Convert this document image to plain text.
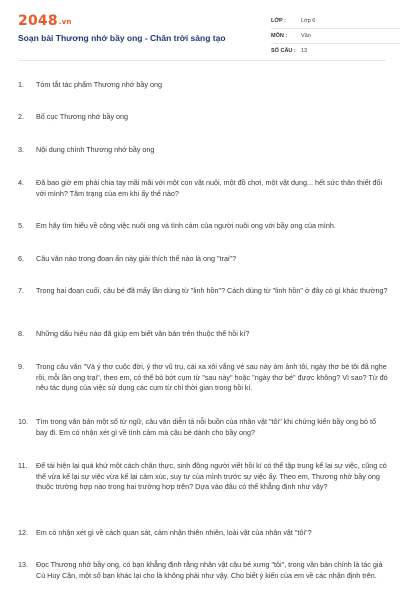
2048.vn
Soạn bài Thương nhớ bầy ong - Chân trời sáng tạo
LỚP :	Lớp 6
MÔN :	Văn
SỐ CÂU : 13
1.	Tóm tắt tác phẩm Thương nhớ bầy ong
2.	Bố cục Thương nhớ bầy ong
3.	Nội dung chính Thương nhớ bầy ong
4.	Đã bao giờ em phải chia tay mãi mãi với một con vật nuôi, một đồ chơi, một vật dụng... hết sức thân thiết đối với mình? Tâm trạng của em khi ấy thế nào?
5.	Em hãy tìm hiểu về công việc nuôi ong và tình cảm của người nuôi ong với bầy ong của mình.
6.	Câu văn nào trong đoạn ấn này giải thích thế nào là ong "trại"?
7.	Trong hai đoạn cuối, cậu bé đã mấy lần dùng từ "linh hồn"? Cách dùng từ "linh hồn" ở đây có gì khác thường?
8.	Những dấu hiệu nào đã giúp em biết văn bản trên thuộc thể hồi kí?
9.	Trong câu văn "Và ý thơ cuộc đời, ý thơ vũ trụ, cái xa xôi vắng vẻ sau này ám ảnh tôi, ngày thơ bé tôi đã nghe rồi, mỗi lần ong trại", theo em, có thể bỏ bớt cụm từ "sau này" hoặc "ngày thơ bé" được không? Vì sao? Từ đó nêu tác dụng của việc sử dụng các cụm từ chỉ thời gian trong hồi kí.
10.	Tìm trong văn bản một số từ ngữ, câu văn diễn tả nỗi buồn của nhân vật "tôi" khi chứng kiến bầy ong bỏ tổ bay đi. Em có nhận xét gì về tình cảm mà cậu bé dành cho bầy ong?
11.	Để tái hiện lại quá khứ một cách chân thực, sinh động người viết hồi kí có thể tập trung kể lại sự việc, cũng có thể vừa kể lại sự việc vừa kể lại cảm xúc, suy tư của mình trước sự việc ấy. Theo em, Thương nhớ bầy ong thuộc trường hợp nào trong hai trường hợp trên? Dựa vào đâu có thể khẳng định như vậy?
12.	Em có nhận xét gì về cách quan sát, cảm nhận thiên nhiên, loài vật của nhân vật "tôi"?
13.	Đọc Thương nhớ bầy ong, có bạn khẳng định rằng nhân vật cậu bé xưng "tôi", trong văn bản chính là tác giả Cù Huy Cận, một số bạn khác lại cho là không phải như vậy. Cho biết ý kiến của em về các nhận định trên.
